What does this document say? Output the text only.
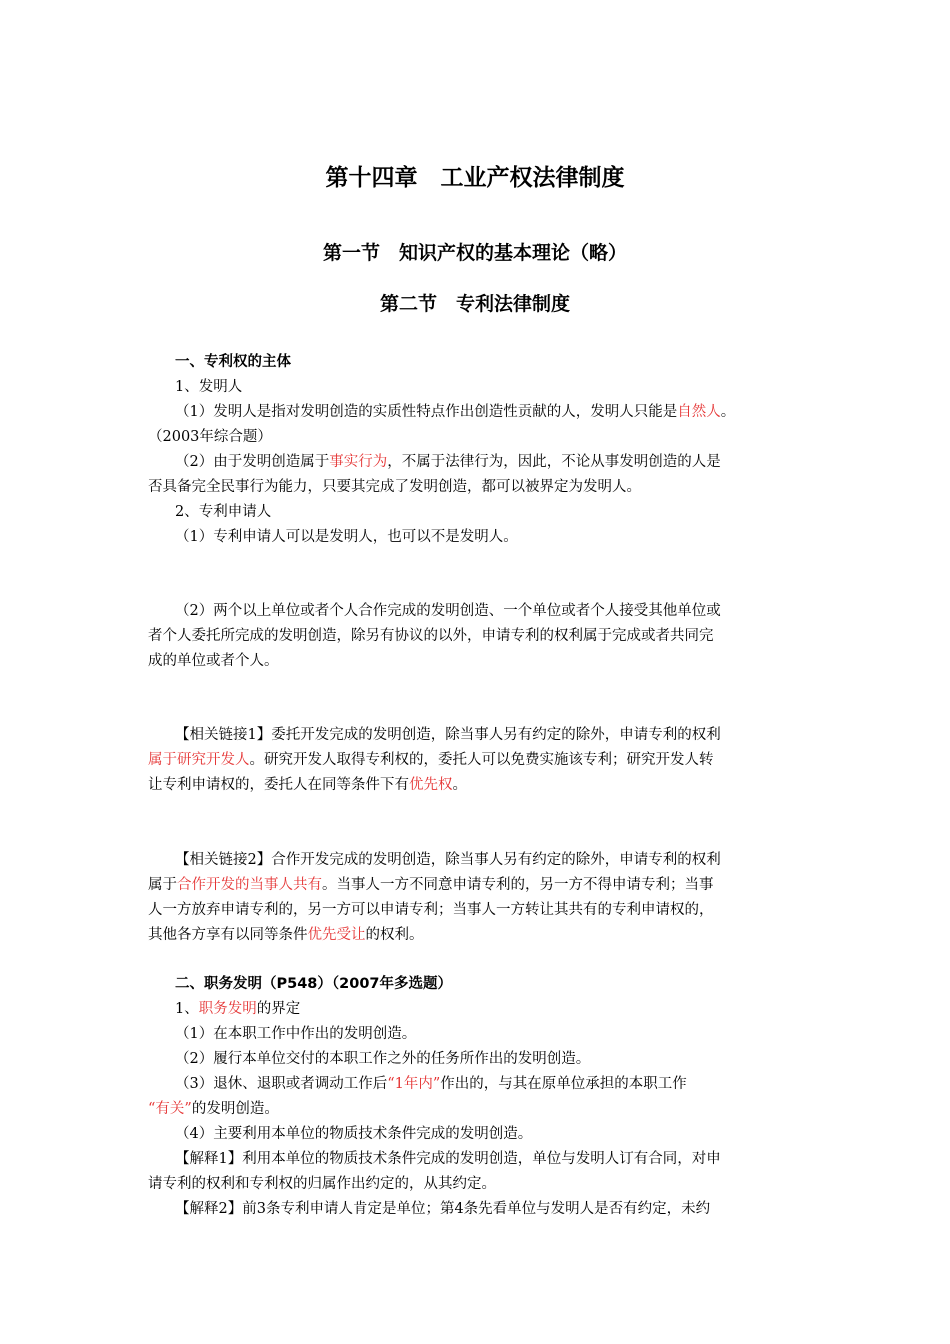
第十四章　工业产权法律制度
第一节　知识产权的基本理论（略）
第二节　专利法律制度
一、专利权的主体
1、发明人
（1）发明人是指对发明创造的实质性特点作出创造性贡献的人，发明人只能是自然人。
（2003年综合题）
（2）由于发明创造属于事实行为，不属于法律行为，因此，不论从事发明创造的人是
否具备完全民事行为能力，只要其完成了发明创造，都可以被界定为发明人。
2、专利申请人
（1）专利申请人可以是发明人，也可以不是发明人。
（2）两个以上单位或者个人合作完成的发明创造、一个单位或者个人接受其他单位或
者个人委托所完成的发明创造，除另有协议的以外，申请专利的权利属于完成或者共同完
成的单位或者个人。
【相关链接1】委托开发完成的发明创造，除当事人另有约定的除外，申请专利的权利
属于研究开发人。研究开发人取得专利权的，委托人可以免费实施该专利；研究开发人转
让专利申请权的，委托人在同等条件下有优先权。
【相关链接2】合作开发完成的发明创造，除当事人另有约定的除外，申请专利的权利
属于合作开发的当事人共有。当事人一方不同意申请专利的，另一方不得申请专利；当事
人一方放弃申请专利的，另一方可以申请专利；当事人一方转让其共有的专利申请权的，
其他各方享有以同等条件优先受让的权利。
二、职务发明（P548）（2007年多选题）
1、职务发明的界定
（1）在本职工作中作出的发明创造。
（2）履行本单位交付的本职工作之外的任务所作出的发明创造。
（3）退休、退职或者调动工作后“1年内”作出的，与其在原单位承担的本职工作
“有关”的发明创造。
（4）主要利用本单位的物质技术条件完成的发明创造。
【解释1】利用本单位的物质技术条件完成的发明创造，单位与发明人订有合同，对申
请专利的权利和专利权的归属作出约定的，从其约定。
【解释2】前3条专利申请人肯定是单位；第4条先看单位与发明人是否有约定，未约
